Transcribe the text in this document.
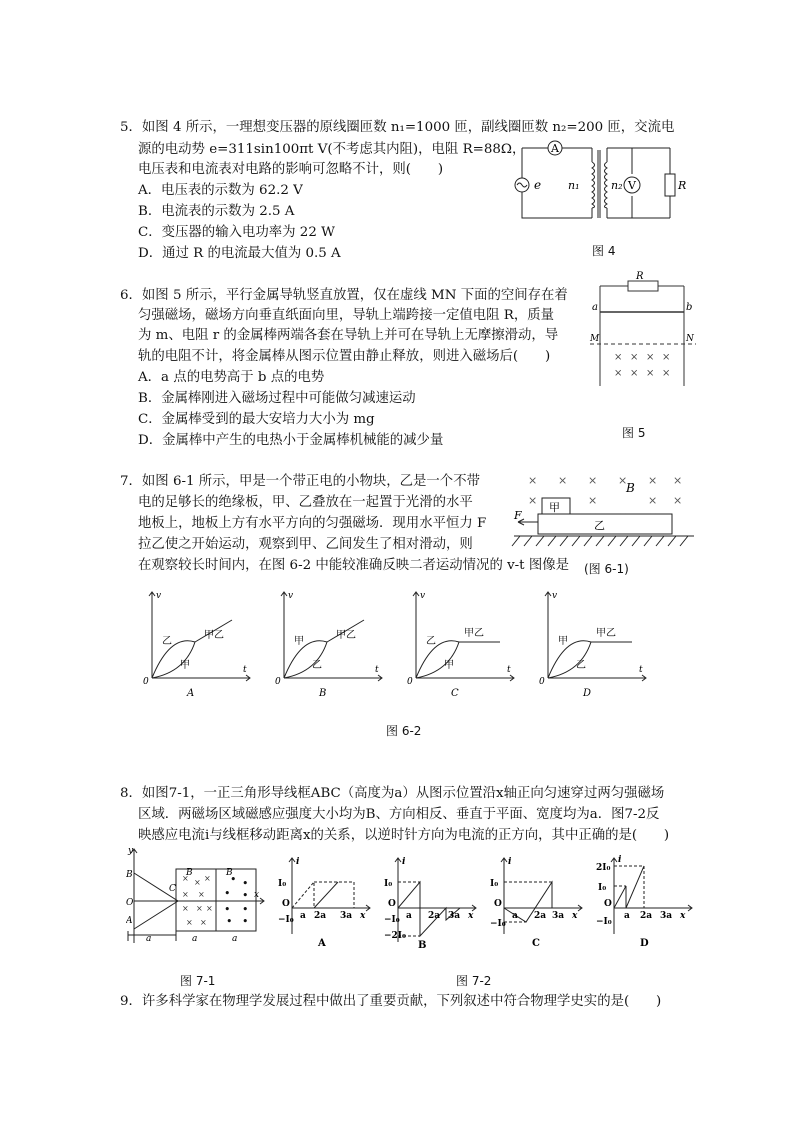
5．如图 4 所示，一理想变压器的原线圈匝数 n₁=1000 匝，副线圈匝数 n₂=200 匝，交流电
源的电动势 e=311sin100πt V(不考虑其内阻)，电阻 R=88Ω，
电压表和电流表对电路的影响可忽略不计，则(　　)
A．电压表的示数为 62.2 V
B．电流表的示数为 2.5 A
C．变压器的输入电功率为 22 W
D．通过 R 的电流最大值为 0.5 A
A
e n₁	n₂ V	R
图 4
6．如图 5 所示，平行金属导轨竖直放置，仅在虚线 MN 下面的空间存在着
匀强磁场，磁场方向垂直纸面向里，导轨上端跨接一定值电阻 R，质量
为 m、电阻 r 的金属棒两端各套在导轨上并可在导轨上无摩擦滑动，导
轨的电阻不计，将金属棒从图示位置由静止释放，则进入磁场后(　　)
A．a 点的电势高于 b 点的电势
B．金属棒刚进入磁场过程中可能做匀减速运动
C．金属棒受到的最大安培力大小为 mg
D．金属棒中产生的电热小于金属棒机械能的减少量
R
a	b
M	N
× × × ×
× × × ×
图 5
7．如图 6-1 所示，甲是一个带正电的小物块，乙是一个不带
电的足够长的绝缘板，甲、乙叠放在一起置于光滑的水平
地板上，地板上方有水平方向的匀强磁场．现用水平恒力 F
拉乙使之开始运动，观察到甲、乙间发生了相对滑动，则
在观察较长时间内，在图 6-2 中能较准确反映二者运动情况的 v-t 图像是 (图 6-1)
× × × × × ×
×	×	× ×
B
甲
乙
F
v
t
0
乙
甲
甲乙
A
v
t
0
甲
乙
甲乙
B
v
t
0
乙
甲
甲乙
C
v
t
0
甲
乙
甲乙
D
图 6-2
8．如图7-1，一正三角形导线框ABC（高度为a）从图示位置沿x轴正向匀速穿过两匀强磁场
区域．两磁场区域磁感应强度大小均为B、方向相反、垂直于平面、宽度均为a．图7-2反
映感应电流i与线框移动距离x的关系，以逆时针方向为电流的正方向，其中正确的是(　　)
× × ×
× ×
× × ×
× ×
• •
• •
• •
• •
B	B
y
x
B
C
O
A
a	a	a
图 7-1
i
I₀
−I₀
O
a 2a 3a x
A
i
I₀
−I₀
−2I₀
O
a 2a 3a x
B
i
I₀
−I₀
O
a 2a 3a x
C
i
2I₀
I₀
−I₀
O
a 2a 3a x
D
图 7-2
9．许多科学家在物理学发展过程中做出了重要贡献，下列叙述中符合物理学史实的是(　　)
